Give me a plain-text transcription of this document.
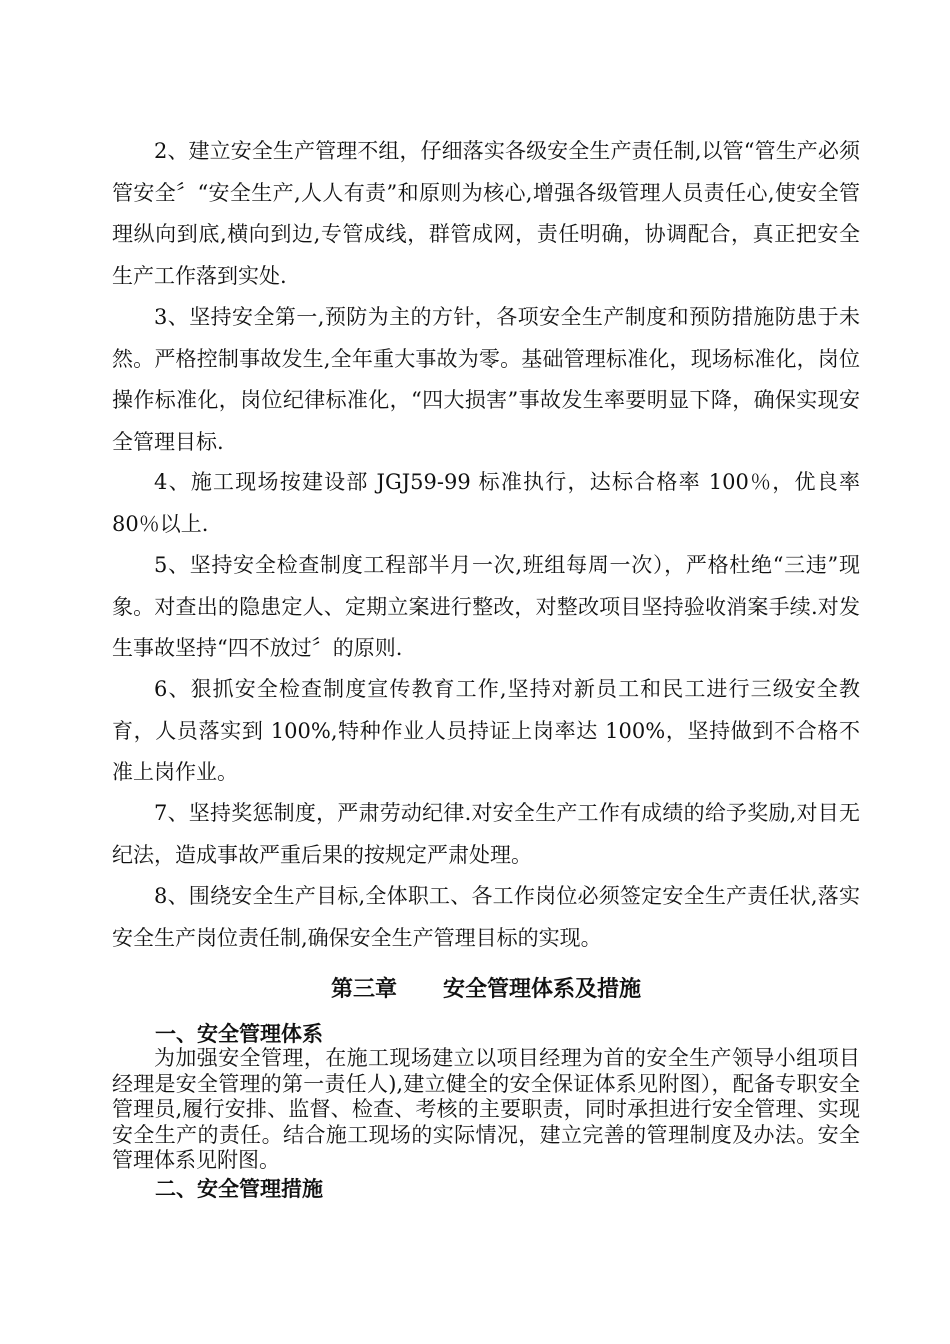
2、建立安全生产管理不组，仔细落实各级安全生产责任制,以管“管生产必须管安全〞“安全生产,人人有责”和原则为核心,增强各级管理人员责任心,使安全管理纵向到底,横向到边,专管成线，群管成网，责任明确，协调配合，真正把安全生产工作落到实处.

3、坚持安全第一,预防为主的方针，各项安全生产制度和预防措施防患于未然。严格控制事故发生,全年重大事故为零。基础管理标准化，现场标准化，岗位操作标准化，岗位纪律标准化，“四大损害”事故发生率要明显下降，确保实现安全管理目标.

4、施工现场按建设部 JGJ59-99 标准执行，达标合格率 100％，优良率 80％以上.

5、坚持安全检查制度工程部半月一次,班组每周一次），严格杜绝“三违”现象。对查出的隐患定人、定期立案进行整改，对整改项目坚持验收消案手续.对发生事故坚持“四不放过〞的原则.

6、狠抓安全检查制度宣传教育工作,坚持对新员工和民工进行三级安全教育，人员落实到 100%,特种作业人员持证上岗率达 100%，坚持做到不合格不准上岗作业。

7、坚持奖惩制度，严肃劳动纪律.对安全生产工作有成绩的给予奖励,对目无纪法，造成事故严重后果的按规定严肃处理。

8、围绕安全生产目标,全体职工、各工作岗位必须签定安全生产责任状,落实安全生产岗位责任制,确保安全生产管理目标的实现。

第三章      安全管理体系及措施
一、安全管理体系

为加强安全管理，在施工现场建立以项目经理为首的安全生产领导小组项目经理是安全管理的第一责任人),建立健全的安全保证体系见附图），配备专职安全管理员,履行安排、监督、检查、考核的主要职责，同时承担进行安全管理、实现安全生产的责任。结合施工现场的实际情况，建立完善的管理制度及办法。安全管理体系见附图。

二、安全管理措施
